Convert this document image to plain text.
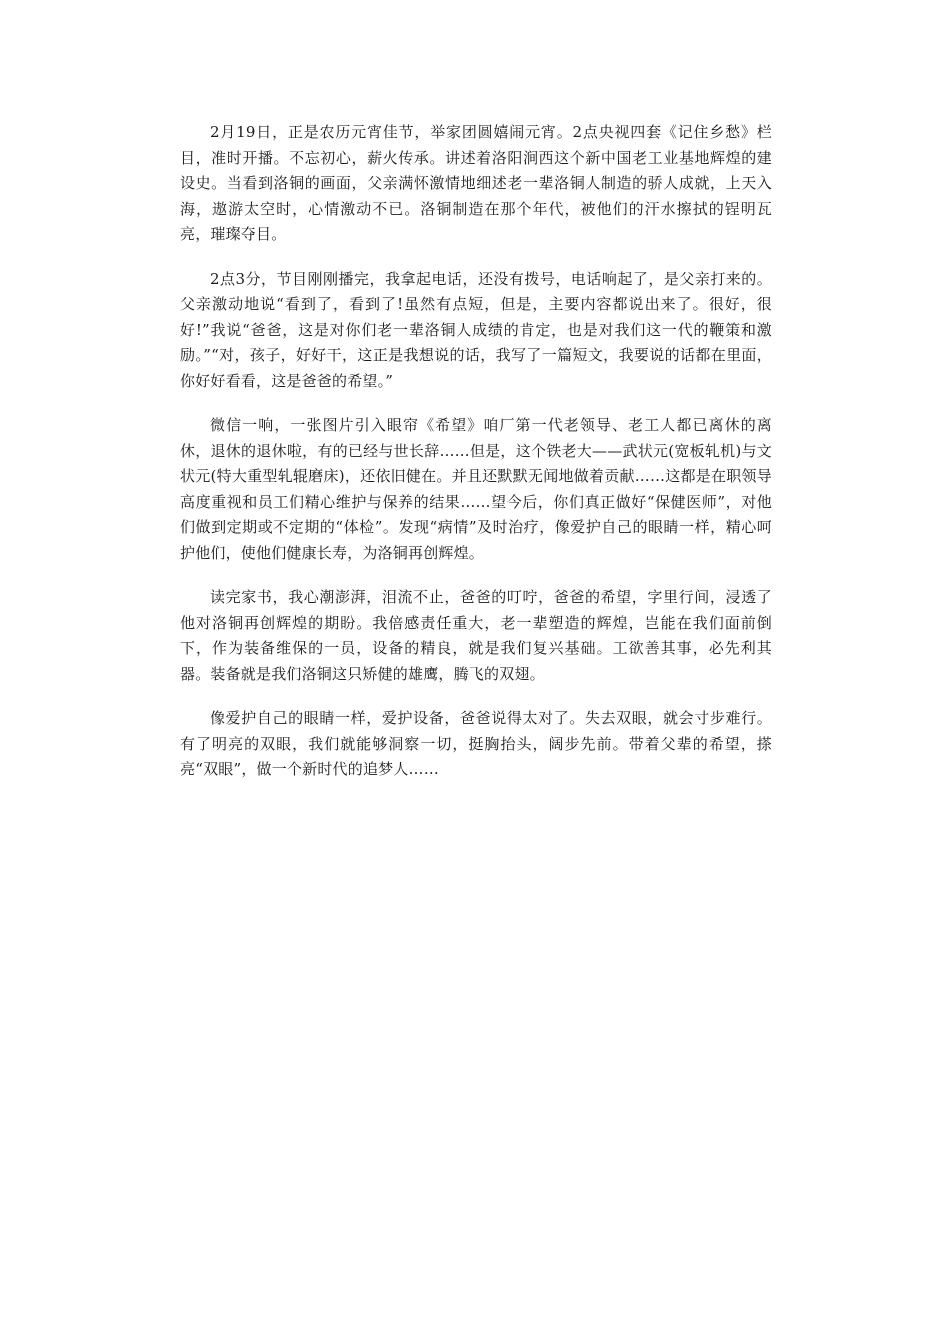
2月19日，正是农历元宵佳节，举家团圆嬉闹元宵。2点央视四套《记住乡愁》栏目，准时开播。不忘初心，薪火传承。讲述着洛阳涧西这个新中国老工业基地辉煌的建设史。当看到洛铜的画面，父亲满怀激情地细述老一辈洛铜人制造的骄人成就，上天入海，遨游太空时，心情激动不已。洛铜制造在那个年代，被他们的汗水擦拭的锃明瓦亮，璀璨夺目。

2点3分，节目刚刚播完，我拿起电话，还没有拨号，电话响起了，是父亲打来的。父亲激动地说“看到了，看到了!虽然有点短，但是，主要内容都说出来了。很好，很好!”我说“爸爸，这是对你们老一辈洛铜人成绩的肯定，也是对我们这一代的鞭策和激励。”“对，孩子，好好干，这正是我想说的话，我写了一篇短文，我要说的话都在里面，你好好看看，这是爸爸的希望。”

微信一响，一张图片引入眼帘《希望》咱厂第一代老领导、老工人都已离休的离休，退休的退休啦，有的已经与世长辞……但是，这个铁老大——武状元(宽板轧机)与文状元(特大重型轧辊磨床)，还依旧健在。并且还默默无闻地做着贡献……这都是在职领导高度重视和员工们精心维护与保养的结果……望今后，你们真正做好“保健医师”，对他们做到定期或不定期的“体检”。发现“病情”及时治疗，像爱护自己的眼睛一样，精心呵护他们，使他们健康长寿，为洛铜再创辉煌。

读完家书，我心潮澎湃，泪流不止，爸爸的叮咛，爸爸的希望，字里行间，浸透了他对洛铜再创辉煌的期盼。我倍感责任重大，老一辈塑造的辉煌，岂能在我们面前倒下，作为装备维保的一员，设备的精良，就是我们复兴基础。工欲善其事，必先利其器。装备就是我们洛铜这只矫健的雄鹰，腾飞的双翅。

像爱护自己的眼睛一样，爱护设备，爸爸说得太对了。失去双眼，就会寸步难行。有了明亮的双眼，我们就能够洞察一切，挺胸抬头，阔步先前。带着父辈的希望，搽亮“双眼”，做一个新时代的追梦人……
